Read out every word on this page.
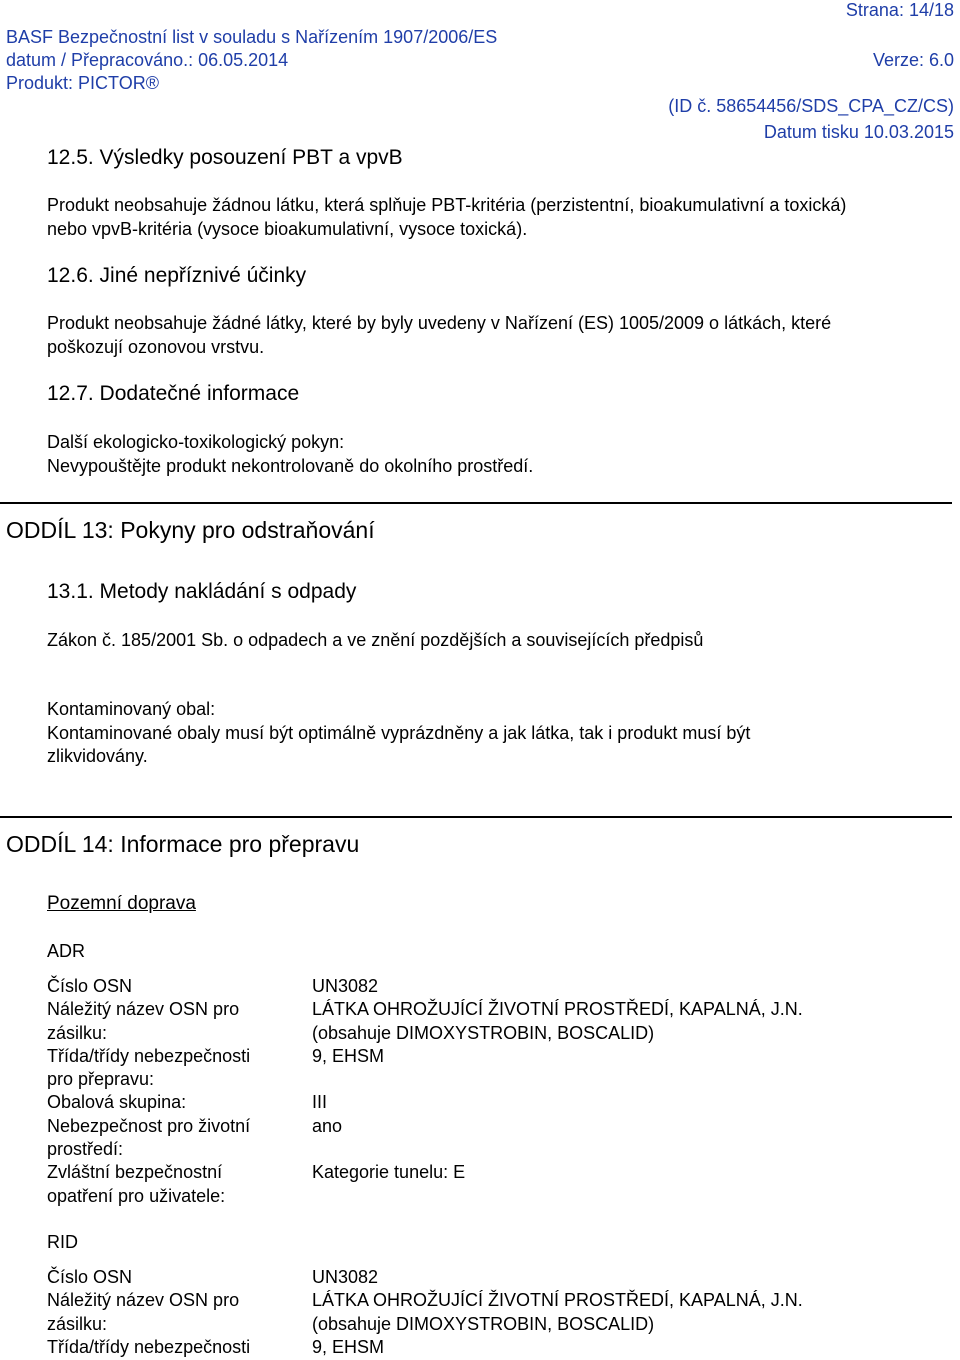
Strana: 14/18
BASF Bezpečnostní list v souladu s Nařízením 1907/2006/ES
datum / Přepracováno.: 06.05.2014	Verze: 6.0
Produkt: PICTOR®
(ID č. 58654456/SDS_CPA_CZ/CS)
Datum tisku 10.03.2015
12.5. Výsledky posouzení PBT a vpvB
Produkt neobsahuje žádnou látku, která splňuje PBT-kritéria (perzistentní, bioakumulativní a toxická)
nebo vpvB-kritéria (vysoce bioakumulativní, vysoce toxická).
12.6. Jiné nepříznivé účinky
Produkt neobsahuje žádné látky, které by byly uvedeny v Nařízení (ES) 1005/2009 o látkách, které
poškozují ozonovou vrstvu.
12.7. Dodatečné informace
Další ekologicko-toxikologický pokyn:
Nevypouštějte produkt nekontrolovaně do okolního prostředí.
ODDÍL 13: Pokyny pro odstraňování
13.1. Metody nakládání s odpady
Zákon č. 185/2001 Sb. o odpadech a ve znění pozdějších a souvisejících předpisů
Kontaminovaný obal:
Kontaminované obaly musí být optimálně vyprázdněny a jak látka, tak i produkt musí být
zlikvidovány.
ODDÍL 14: Informace pro přepravu
Pozemní doprava
ADR
Číslo OSN
Náležitý název OSN pro
zásilku:
Třída/třídy nebezpečnosti
pro přepravu:
Obalová skupina:
Nebezpečnost pro životní
prostředí:
Zvláštní bezpečnostní
opatření pro uživatele:
UN3082
LÁTKA OHROŽUJÍCÍ ŽIVOTNÍ PROSTŘEDÍ, KAPALNÁ, J.N.
(obsahuje DIMOXYSTROBIN, BOSCALID)
9, EHSM

III
ano

Kategorie tunelu: E
RID
Číslo OSN
Náležitý název OSN pro
zásilku:
Třída/třídy nebezpečnosti
UN3082
LÁTKA OHROŽUJÍCÍ ŽIVOTNÍ PROSTŘEDÍ, KAPALNÁ, J.N.
(obsahuje DIMOXYSTROBIN, BOSCALID)
9, EHSM
